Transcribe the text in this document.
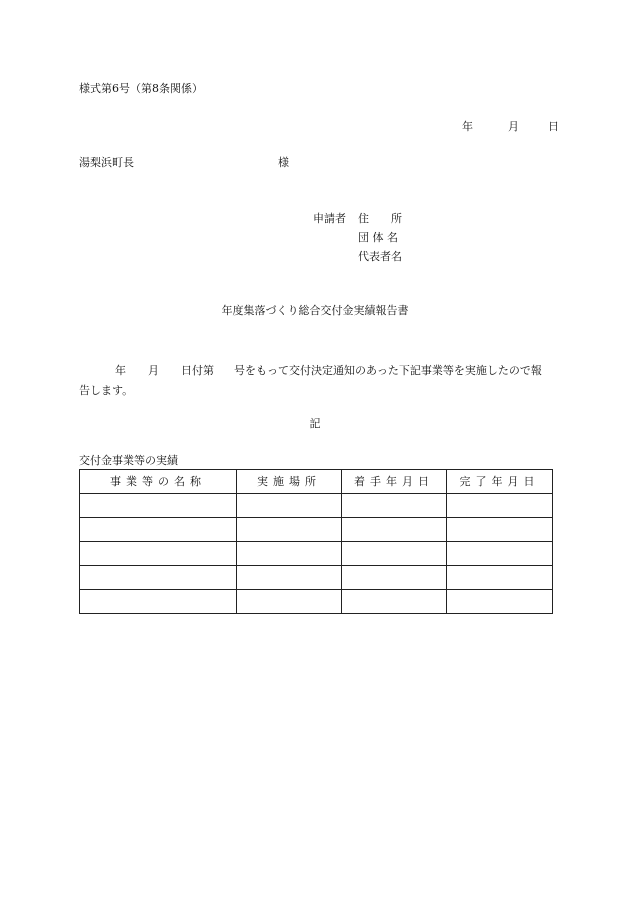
様式第6号（第8条関係）
年	月	日
湯梨浜町長	様
申請者 住　　所
団 体 名
代表者名
年度集落づくり総合交付金実績報告書
年 月 日付第 号をもって交付決定通知のあった下記事業等を実施したので報告します。
記
交付金事業等の実績
事業等の名称	実施場所	着手年月日	完了年月日
